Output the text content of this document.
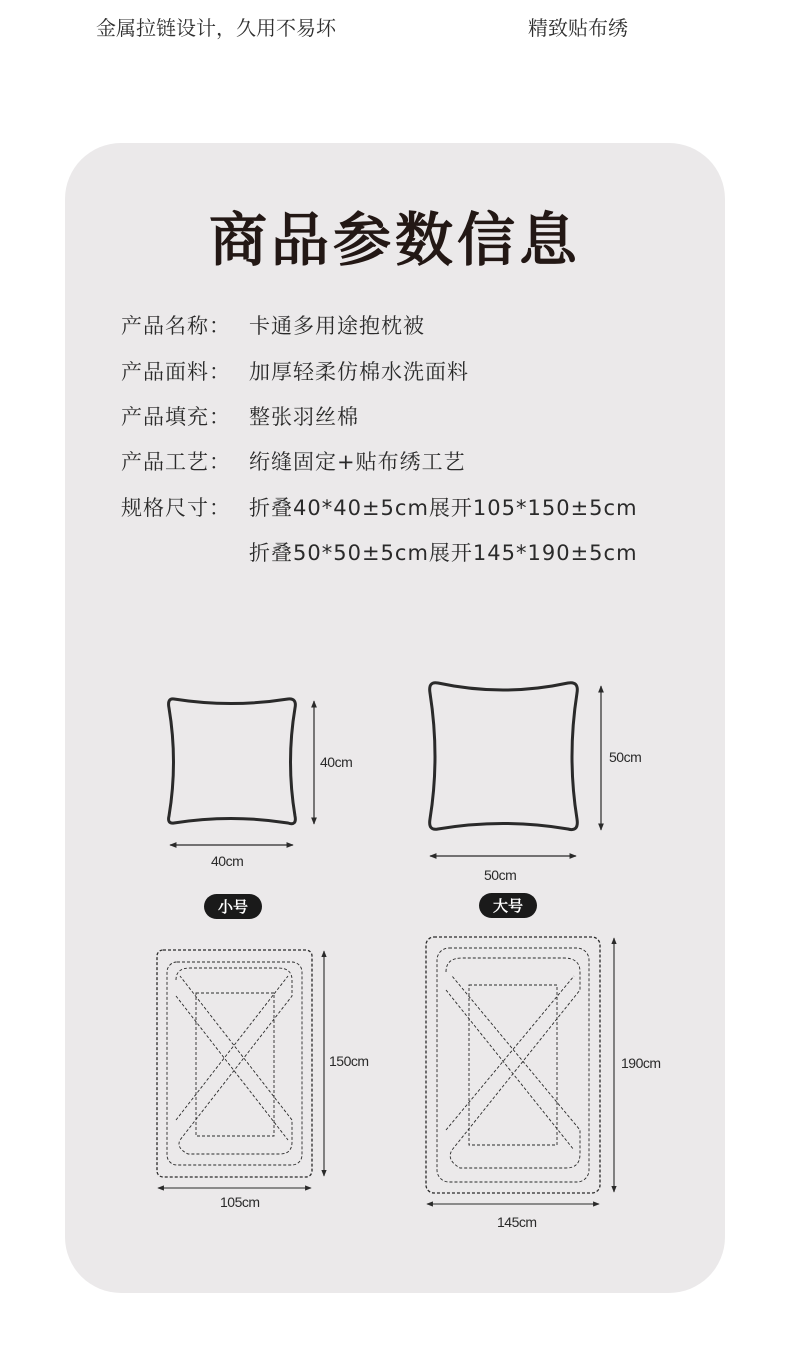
金属拉链设计，久用不易坏	精致贴布绣
商品参数信息
产品名称： 卡通多用途抱枕被
产品面料： 加厚轻柔仿棉水洗面料
产品填充： 整张羽丝棉
产品工艺： 绗缝固定+贴布绣工艺
规格尺寸： 折叠40*40±5cm展开105*150±5cm
折叠50*50±5cm展开145*190±5cm
40cm
40cm
50cm
50cm
小号	大号
150cm
105cm
190cm
145cm
